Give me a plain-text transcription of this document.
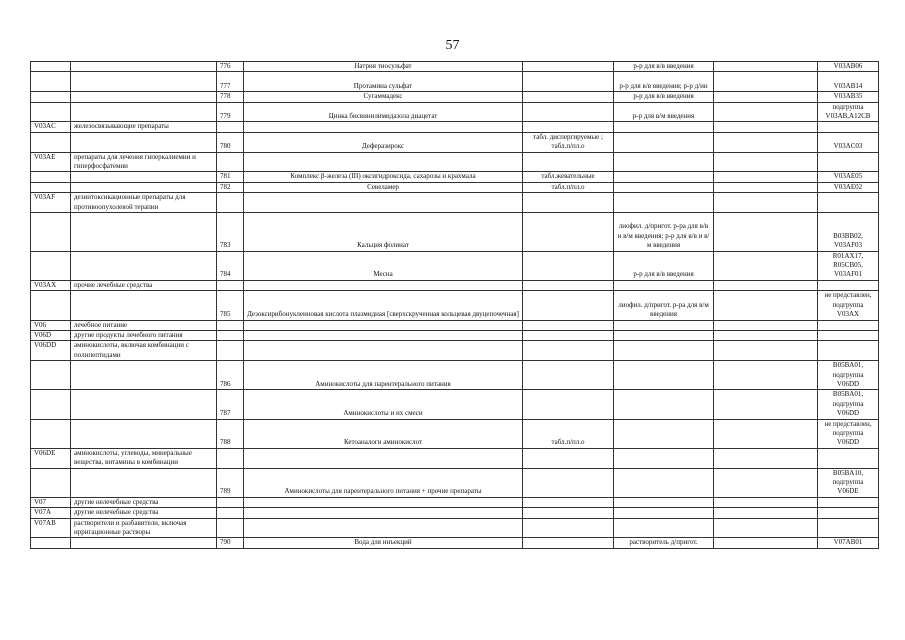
57
		776	Натрия тиосульфат		р-р для в/в введения		V03AB06
		777	Протамина сульфат		р-р для в/в введения; р-р д/ин		V03AB14
		778	Сугаммадекс		р-р для в/в введения		V03AB35
		779	Цинка бисвинилимидазола диацетат		р-р для в/м введения		подгруппа V03AB,A12CB
V03AC	железосвязывающие препараты						
		780	Деферазирокс	табл. диспергируемые ; табл.п/пл.о			V03AC03
V03AE	препараты для лечения гиперкалиемии и гиперфосфатемии						
		781	Комплекс β-железа (III) оксигидроксида, сахарозы и крахмала	табл.жевательные			V03AE05
		782	Севеламер	табл.п/пл.о			V03AE02
V03AF	дезинтоксикационные препараты для противоопухолевой терапии						
		783	Кальция фолинат		лиофил. д/пригот. р-ра для в/в и в/м введения; р-р для в/в и в/м введения		B03BB02, V03AF03
		784	Месна		р-р для в/в введения		R01AX17, R05CB05, V03AF01
V03AX	прочие лечебные средства						
		785	Дезоксирибонуклеиновая кислота плазмидная [сверхскрученная кольцевая двуцепочечная]		лиофил. д/пригот. р-ра для в/м введения		не представлен, подгруппа V03AX
V06	лечебное питание						
V06D	другие продукты лечебного питания						
V06DD	аминокислоты, включая комбинации с полипептидами						
		786	Аминокислоты для парентерального питания				B05BA01, подгруппа V06DD
		787	Аминокислоты и их смеси				B05BA01, подгруппа V06DD
		788	Кетоаналоги аминокислот	табл.п/пл.о			не представлен, подгруппа V06DD
V06DE	аминокислоты, углеводы, минеральные вещества, витамины в комбинации						
		789	Аминокислоты для парентерального питания + прочие препараты				B05BA10, подгруппа V06DE
V07	другие нелечебные средства						
V07A	другие нелечебные средства						
V07AB	растворители и разбавители, включая ирригационные растворы						
		790	Вода для инъекций		растворитель д/пригот.		V07AB01
